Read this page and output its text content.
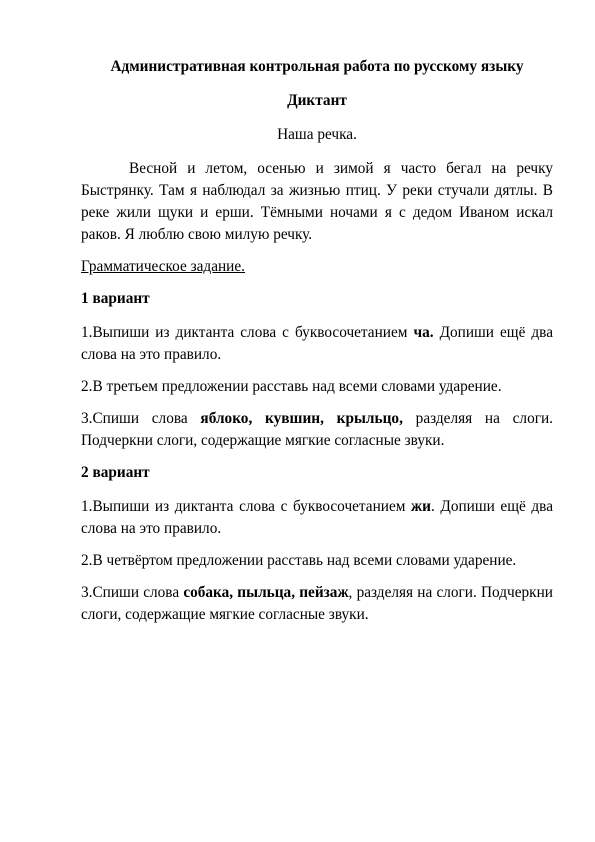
Административная контрольная работа по русскому языку
Диктант
Наша речка.
Весной и летом, осенью и зимой я часто бегал на речку Быстрянку. Там я наблюдал за жизнью птиц. У реки стучали дятлы. В реке жили щуки и ерши. Тёмными ночами я с дедом Иваном искал раков. Я люблю свою милую речку.
Грамматическое задание.
1 вариант
1.Выпиши из диктанта слова с буквосочетанием ча. Допиши ещё два слова на это правило.
2.В третьем предложении расставь над всеми словами ударение.
3.Спиши слова яблоко, кувшин, крыльцо, разделяя на слоги. Подчеркни слоги, содержащие мягкие согласные звуки.
2 вариант
1.Выпиши из диктанта слова с буквосочетанием жи. Допиши ещё два слова на это правило.
2.В четвёртом предложении расставь над всеми словами ударение.
3.Спиши слова собака, пыльца, пейзаж, разделяя на слоги. Подчеркни слоги, содержащие мягкие согласные звуки.
